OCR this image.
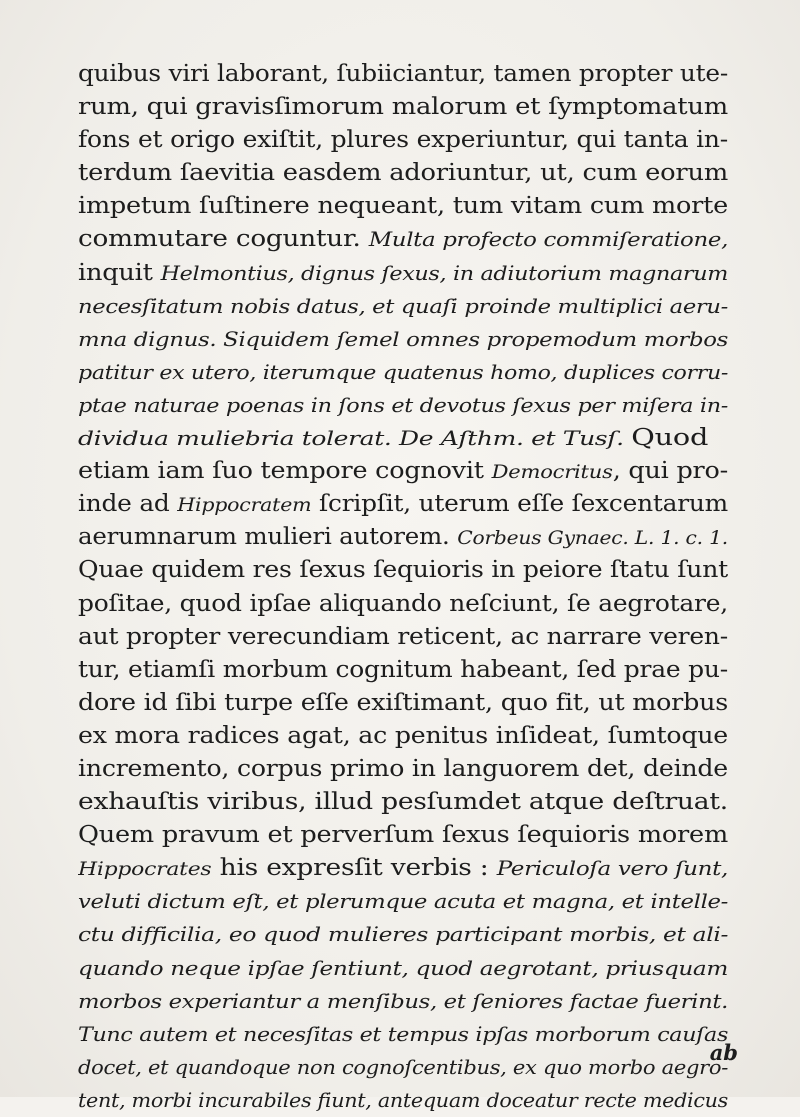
quibus viri laborant, ſubiiciantur, tamen propter ute-
rum, qui gravisſimorum malorum et ſymptomatum
fons et origo exiſtit, plures experiuntur, qui tanta in-
terdum ſaevitia easdem adoriuntur, ut, cum eorum
impetum ſuſtinere nequeant, tum vitam cum morte
commutare coguntur. Multa profecto commiſeratione,
inquit Helmontius, dignus ſexus, in adiutorium magnarum
necesſitatum nobis datus, et quaſi proinde multiplici aeru-
mna dignus. Siquidem ſemel omnes propemodum morbos
patitur ex utero, iterumque quatenus homo, duplices corru-
ptae naturae poenas in ſons et devotus ſexus per miſera in-
dividua muliebria tolerat. De Aſthm. et Tusſ. Quod
etiam iam ſuo tempore cognovit Democritus, qui pro-
inde ad Hippocratem ſcripſit, uterum eſſe ſexcentarum
aerumnarum mulieri autorem. Corbeus Gynaec. L. 1. c. 1.
Quae quidem res ſexus ſequioris in peiore ſtatu ſunt
poſitae, quod ipſae aliquando neſciunt, ſe aegrotare,
aut propter verecundiam reticent, ac narrare veren-
tur, etiamſi morbum cognitum habeant, ſed prae pu-
dore id ſibi turpe eſſe exiſtimant, quo fit, ut morbus
ex mora radices agat, ac penitus inſideat, ſumtoque
incremento, corpus primo in languorem det, deinde
exhauſtis viribus, illud pesſumdet atque deſtruat.
Quem pravum et perverſum ſexus ſequioris morem
Hippocrates his expresſit verbis : Periculoſa vero ſunt,
veluti dictum eſt, et plerumque acuta et magna, et intelle-
ctu difficilia, eo quod mulieres participant morbis, et ali-
quando neque ipſae ſentiunt, quod aegrotant, priusquam
morbos experiantur a menſibus, et ſeniores factae fuerint.
Tunc autem et necesſitas et tempus ipſas morborum cauſas
docet, et quandoque non cognoſcentibus, ex quo morbo aegro-
tent, morbi incurabiles fiunt, antequam doceatur recte medicus
ab
